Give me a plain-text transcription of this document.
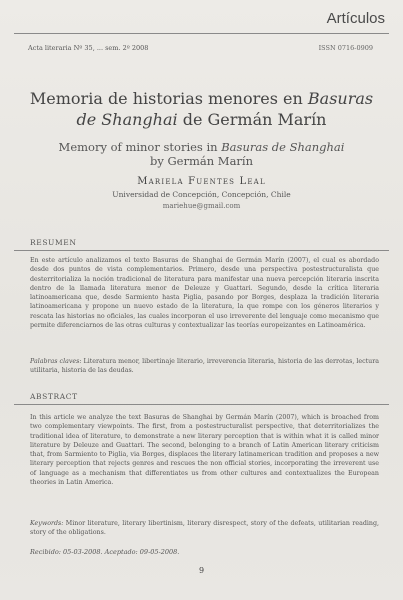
Artículos
Acta literaria Nº 35, ... sem. 2º 2008	ISSN 0716-0909
Memoria de historias menores en Basuras
de Shanghai de Germán Marín
Memory of minor stories in Basuras de Shanghai
by Germán Marín
Mariela Fuentes Leal
Universidad de Concepción, Concepción, Chile
mariehue@gmail.com
RESUMEN
En este artículo analizamos el texto Basuras de Shanghai de Germán Marín (2007), el cual es abordado desde dos puntos de vista complementarios. Primero, desde una perspectiva postestructuralista que desterritorializa la noción tradicional de literatura para manifestar una nueva percepción literaria inscrita dentro de la llamada literatura menor de Deleuze y Guattari. Segundo, desde la crítica literaria latinoamericana que, desde Sarmiento hasta Piglia, pasando por Borges, desplaza la tradición literaria latinoamericana y propone un nuevo estado de la literatura, la que rompe con los géneros literarios y rescata las historias no oficiales, las cuales incorporan el uso irreverente del lenguaje como mecanismo que permite diferenciarnos de las otras culturas y contextualizar las teorías europeizantes en Latinoamérica.
Palabras claves: Literatura menor, libertinaje literario, irreverencia literaria, historia de las derrotas, lectura utilitaria, historia de las deudas.
ABSTRACT
In this article we analyze the text Basuras de Shanghai by Germán Marín (2007), which is broached from two complementary viewpoints. The first, from a postestructuralist perspective, that deterritorializes the traditional idea of literature, to demonstrate a new literary perception that is within what it is called minor literature by Deleuze and Guattari. The second, belonging to a branch of Latin American literary criticism that, from Sarmiento to Piglia, via Borges, displaces the literary latinamerican tradition and proposes a new literary perception that rejects genres and rescues the non official stories, incorporating the irreverent use of language as a mechanism that differentiates us from other cultures and contextualizes the European theories in Latin America.
Keywords: Minor literature, literary libertinism, literary disrespect, story of the defeats, utilitarian reading, story of the obligations.
Recibido: 05-03-2008. Aceptado: 09-05-2008.
9
